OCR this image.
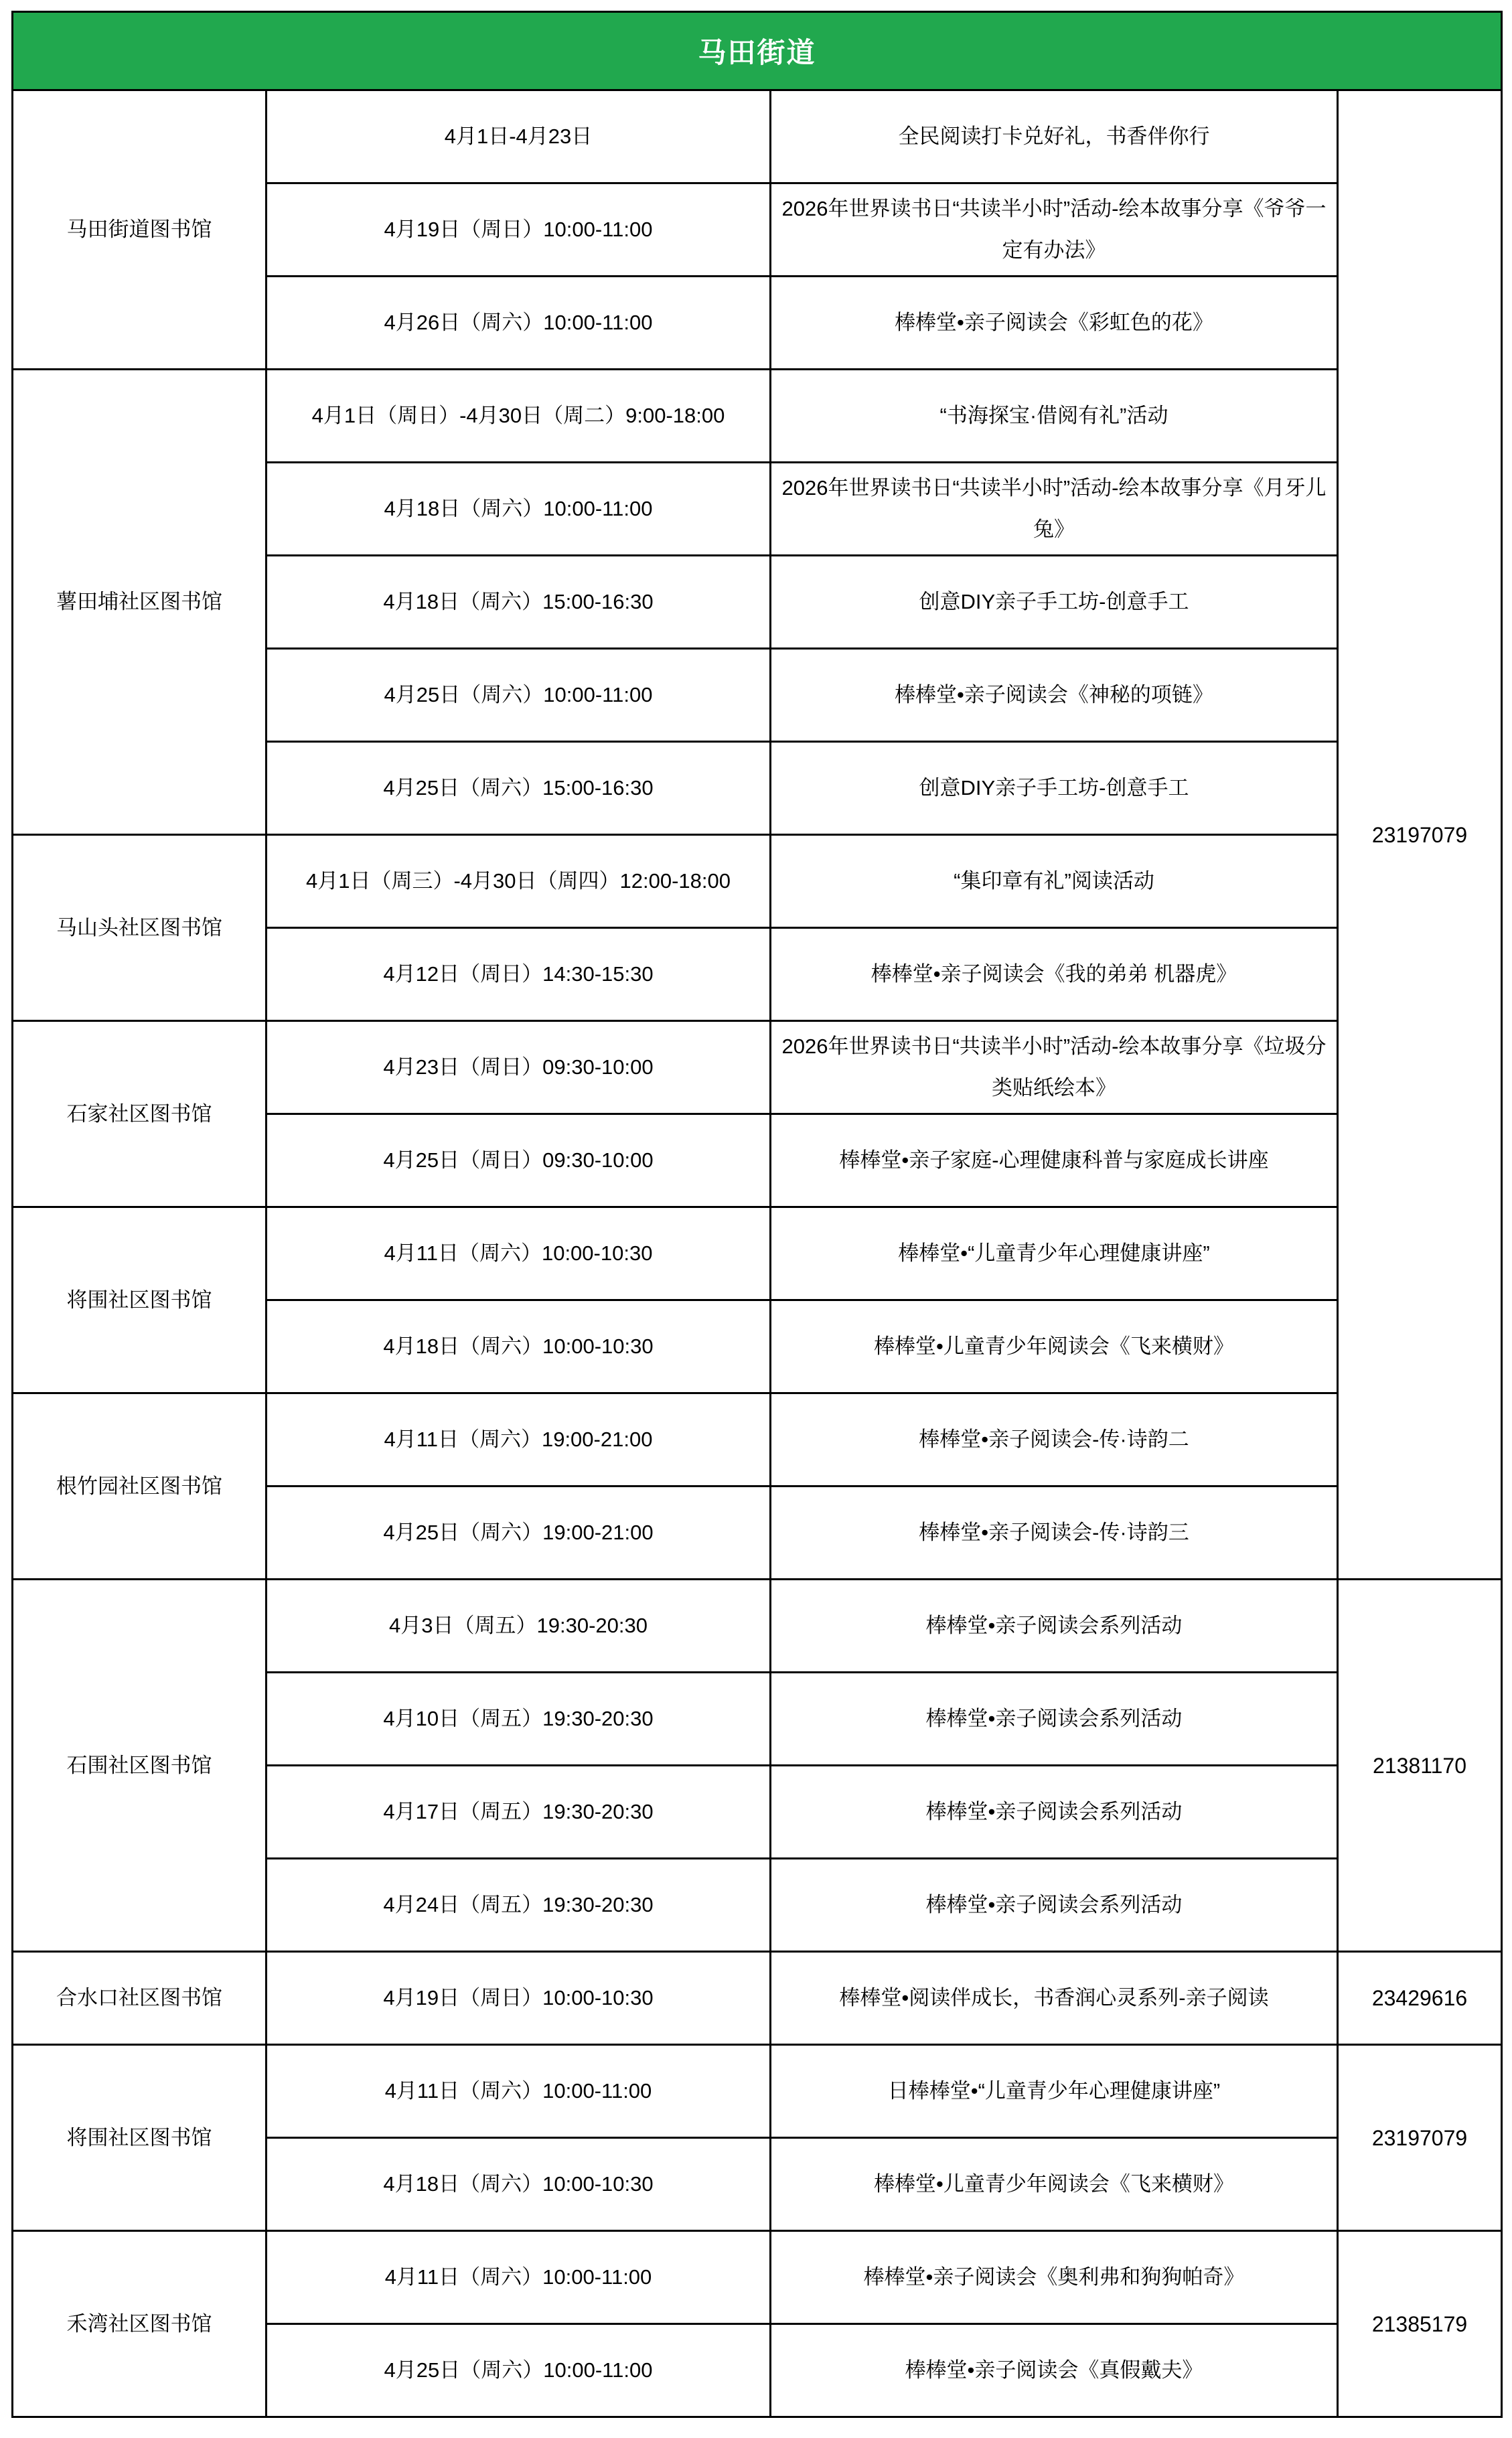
马田街道			
马田街道图书馆	4月1日-4月23日	全民阅读打卡兑好礼，书香伴你行	23197079
	4月19日（周日）10:00-11:00	2026年世界读书日“共读半小时”活动-绘本故事分享《爷爷一定有办法》	
	4月26日（周六）10:00-11:00	棒棒堂•亲子阅读会《彩虹色的花》	
薯田埔社区图书馆	4月1日（周日）-4月30日（周二）9:00-18:00	“书海探宝·借阅有礼”活动	
	4月18日（周六）10:00-11:00	2026年世界读书日“共读半小时”活动-绘本故事分享《月牙儿兔》	
	4月18日（周六）15:00-16:30	创意DIY亲子手工坊-创意手工	
	4月25日（周六）10:00-11:00	棒棒堂•亲子阅读会《神秘的项链》	
	4月25日（周六）15:00-16:30	创意DIY亲子手工坊-创意手工	
马山头社区图书馆	4月1日（周三）-4月30日（周四）12:00-18:00	“集印章有礼”阅读活动	
	4月12日（周日）14:30-15:30	棒棒堂•亲子阅读会《我的弟弟 机器虎》	
石家社区图书馆	4月23日（周日）09:30-10:00	2026年世界读书日“共读半小时”活动-绘本故事分享《垃圾分类贴纸绘本》	
	4月25日（周日）09:30-10:00	棒棒堂•亲子家庭-心理健康科普与家庭成长讲座	
将围社区图书馆	4月11日（周六）10:00-10:30	棒棒堂•“儿童青少年心理健康讲座”	
	4月18日（周六）10:00-10:30	棒棒堂•儿童青少年阅读会《飞来横财》	
根竹园社区图书馆	4月11日（周六）19:00-21:00	棒棒堂•亲子阅读会-传·诗韵二	
	4月25日（周六）19:00-21:00	棒棒堂•亲子阅读会-传·诗韵三	
石围社区图书馆	4月3日（周五）19:30-20:30	棒棒堂•亲子阅读会系列活动	21381170
	4月10日（周五）19:30-20:30	棒棒堂•亲子阅读会系列活动	
	4月17日（周五）19:30-20:30	棒棒堂•亲子阅读会系列活动	
	4月24日（周五）19:30-20:30	棒棒堂•亲子阅读会系列活动	
合水口社区图书馆	4月19日（周日）10:00-10:30	棒棒堂•阅读伴成长，书香润心灵系列-亲子阅读	23429616
将围社区图书馆	4月11日（周六）10:00-11:00	日棒棒堂•“儿童青少年心理健康讲座”	23197079
	4月18日（周六）10:00-10:30	棒棒堂•儿童青少年阅读会《飞来横财》	
禾湾社区图书馆	4月11日（周六）10:00-11:00	棒棒堂•亲子阅读会《奥利弗和狗狗帕奇》	21385179
	4月25日（周六）10:00-11:00	棒棒堂•亲子阅读会《真假戴夫》	
